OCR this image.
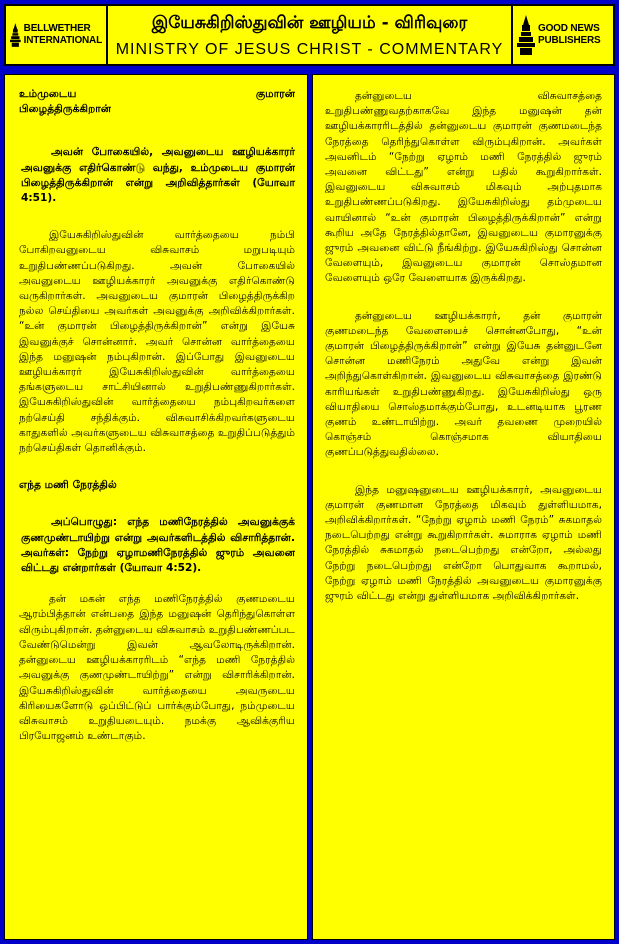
BELLWETHER
INTERNATIONAL
இயேசுகிறிஸ்துவின் ஊழியம் - விரிவுரை
MINISTRY OF JESUS CHRIST - COMMENTARY
GOOD NEWS
PUBLISHERS
உம்முடைய	குமாரன்
பிழைத்திருக்கிறான்

அவன் போகையில், அவனுடைய ஊழியக்காரர் அவனுக்கு எதிர்கொண்டு வந்து, உம்முடைய குமாரன் பிழைத்திருக்கிறான் என்று அறிவித்தார்கள் (யோவா 4:51).

இயேசுகிறிஸ்துவின் வார்த்தையை நம்பி போகிறவனுடைய விசுவாசம் மறுபடியும் உறுதிபண்ணப்படுகிறது. அவன் போகையில் அவனுடைய ஊழியக்காரர் அவனுக்கு எதிர்கொண்டு வருகிறார்கள். அவனுடைய குமாரன் பிழைத்திருக்கிற நல்ல செய்தியை அவர்கள் அவனுக்கு அறிவிக்கிறார்கள். “உன் குமாரன் பிழைத்திருக்கிறான்” என்று இயேசு இவனுக்குச் சொன்னார். அவர் சொன்ன வார்த்தையை இந்த மனுஷன் நம்புகிறான். இப்போது இவனுடைய ஊழியக்காரர் இயேசுகிறிஸ்துவின் வார்த்தையை தங்களுடைய சாட்சியினால் உறுதிபண்ணுகிறார்கள். இயேசுகிறிஸ்துவின் வார்த்தையை நம்புகிறவர்களை நற்செய்தி சந்திக்கும். விசுவாசிக்கிறவர்களுடைய காதுகளில் அவர்களுடைய விசுவாசத்தை உறுதிப்படுத்தும் நற்செய்திகள் தொனிக்கும்.

எந்த மணி நேரத்தில்

அப்பொழுது: எந்த மணிநேரத்தில் அவனுக்குக் குணமுண்டாயிற்று என்று அவர்களிடத்தில் விசாரித்தான். அவர்கள்: நேற்று ஏழாமணிநேரத்தில் ஜுரம் அவனை விட்டது என்றார்கள் (யோவா 4:52).

தன் மகன் எந்த மணிநேரத்தில் குணமடைய ஆரம்பித்தான் என்பதை இந்த மனுஷன் தெரிந்துகொள்ள விரும்புகிறான். தன்னுடைய விசுவாசம் உறுதிபண்ணப்பட வேண்டுமென்று இவன் ஆவலோடிருக்கிறான். தன்னுடைய ஊழியக்காரரிடம் “எந்த மணி நேரத்தில் அவனுக்கு குணமுண்டாயிற்று” என்று விசாரிக்கிறான். இயேசுகிறிஸ்துவின் வார்த்தையை அவருடைய கிரியைகளோடு ஒப்பிட்டுப் பார்க்கும்போது, நம்முடைய விசுவாசம் உறுதியடையும். நமக்கு ஆவிக்குரிய பிரயோஜனம் உண்டாகும்.

தன்னுடைய விசுவாசத்தை உறுதிபண்ணுவதற்காகவே இந்த மனுஷன் தன் ஊழியக்காரரிடத்தில் தன்னுடைய குமாரன் குணமடைந்த நேரத்தை தெரிந்துகொள்ள விரும்புகிறான். அவர்கள் அவனிடம் “நேற்று ஏழாம் மணி நேரத்தில் ஜுரம் அவனை விட்டது” என்று பதில் கூறுகிறார்கள். இவனுடைய விசுவாசம் மிகவும் அற்புதமாக உறுதிபண்ணப்படுகிறது. இயேசுகிறிஸ்து தம்முடைய வாயினால் “உன் குமாரன் பிழைத்திருக்கிறான்” என்று கூறிய அதே நேரத்தில்தானே, இவனுடைய குமாரனுக்கு ஜுரம் அவனை விட்டு நீங்கிற்று. இயேசுகிறிஸ்து சொன்ன வேளையும், இவனுடைய குமாரன் சொஸ்தமான வேளையும் ஒரே வேளையாக இருக்கிறது.

தன்னுடைய ஊழியக்காரர், தன் குமாரன் குணமடைந்த வேளையைச் சொன்னபோது, “உன் குமாரன் பிழைத்திருக்கிறான்” என்று இயேசு தன்னுடனே சொன்ன மணிநேரம் அதுவே என்று இவன் அறிந்துகொள்கிறான். இவனுடைய விசுவாசத்தை இரண்டு காரியங்கள் உறுதிபண்ணுகிறது. இயேசுகிறிஸ்து ஒரு வியாதியை சொஸ்தமாக்கும்போது, உடனடியாக பூரண குணம் உண்டாயிற்று. அவர் தவணை முறையில் கொஞ்சம் கொஞ்சமாக வியாதியை குணப்படுத்துவதில்லை.

இந்த மனுஷனுடைய ஊழியக்காரர், அவனுடைய குமாரன் குணமான நேரத்தை மிகவும் துள்ளியமாக, அறிவிக்கிறார்கள். “நேற்று ஏழாம் மணி நேரம்” சுகமாதல் நடைபெற்றது என்று கூறுகிறார்கள். சுமாராக ஏழாம் மணி நேரத்தில் சுகமாதல் நடைபெற்றது என்றோ, அல்லது நேற்று நடைபெற்றது என்றோ பொதுவாக கூறாமல், நேற்று ஏழாம் மணி நேரத்தில் அவனுடைய குமாரனுக்கு ஜுரம் விட்டது என்று துள்ளியமாக அறிவிக்கிறார்கள்.
